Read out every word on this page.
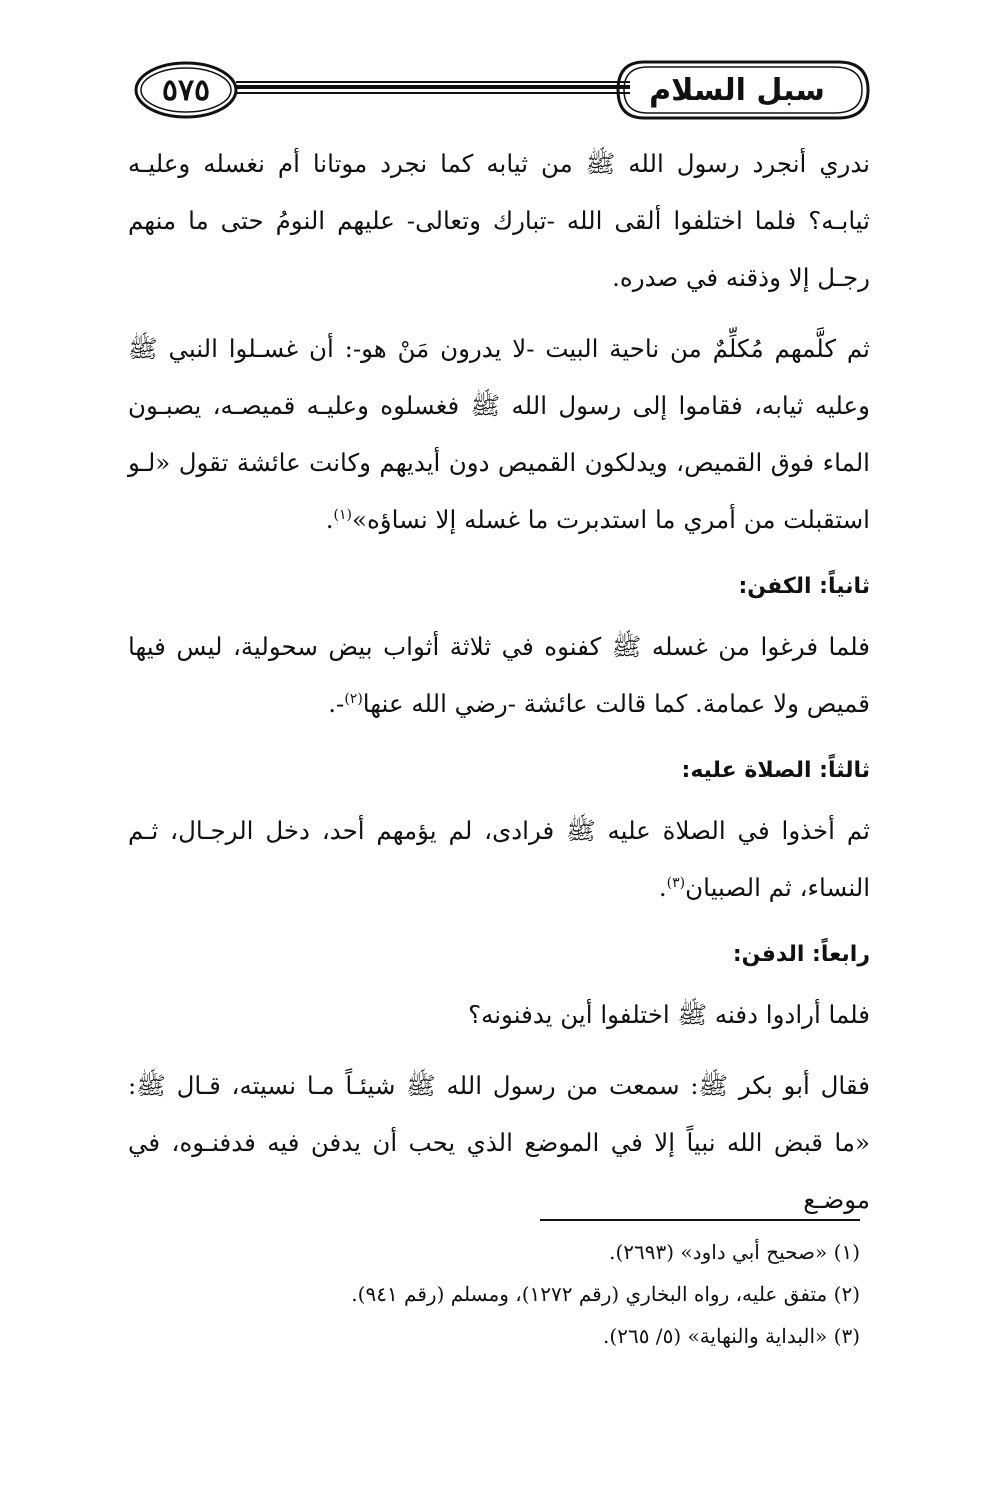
٥٧٥	سبل السلام

ندري أنجرد رسول الله ﷺ من ثيابه كما نجرد موتانا أم نغسله وعليـه ثيابـه؟ فلما اختلفوا ألقى الله -تبارك وتعالى- عليهم النومُ حتى ما منهم رجـل إلا وذقنه في صدره.

ثم كلَّمهم مُكلِّمٌ من ناحية البيت -لا يدرون مَنْ هو-: أن غسـلوا النبي ﷺ وعليه ثيابه، فقاموا إلى رسول الله ﷺ فغسلوه وعليـه قميصـه، يصبـون الماء فوق القميص، ويدلكون القميص دون أيديهم وكانت عائشة تقول «لـو استقبلت من أمري ما استدبرت ما غسله إلا نساؤه»$^{(١)}$.

ثانياً: الكفن:

فلما فرغوا من غسله ﷺ كفنوه في ثلاثة أثواب بيض سحولية، ليس فيها قميص ولا عمامة. كما قالت عائشة -رضي الله عنها$^{(٢)}$-.

ثالثاً: الصلاة عليه:

ثم أخذوا في الصلاة عليه ﷺ فرادى، لم يؤمهم أحد، دخل الرجـال، ثـم النساء، ثم الصبيان$^{(٣)}$.

رابعاً: الدفن:

فلما أرادوا دفنه ﷺ اختلفوا أين يدفنونه؟

فقال أبو بكر ﷺ: سمعت من رسول الله ﷺ شيئـاً مـا نسيته، قـال ﷺ: «ما قبض الله نبياً إلا في الموضع الذي يحب أن يدفن فيه فدفنـوه، في موضـع

(١) «صحيح أبي داود» (٢٦٩٣).
(٢) متفق عليه، رواه البخاري (رقم ١٢٧٢)، ومسلم (رقم ٩٤١).
(٣) «البداية والنهاية» (٥/ ٢٦٥).
